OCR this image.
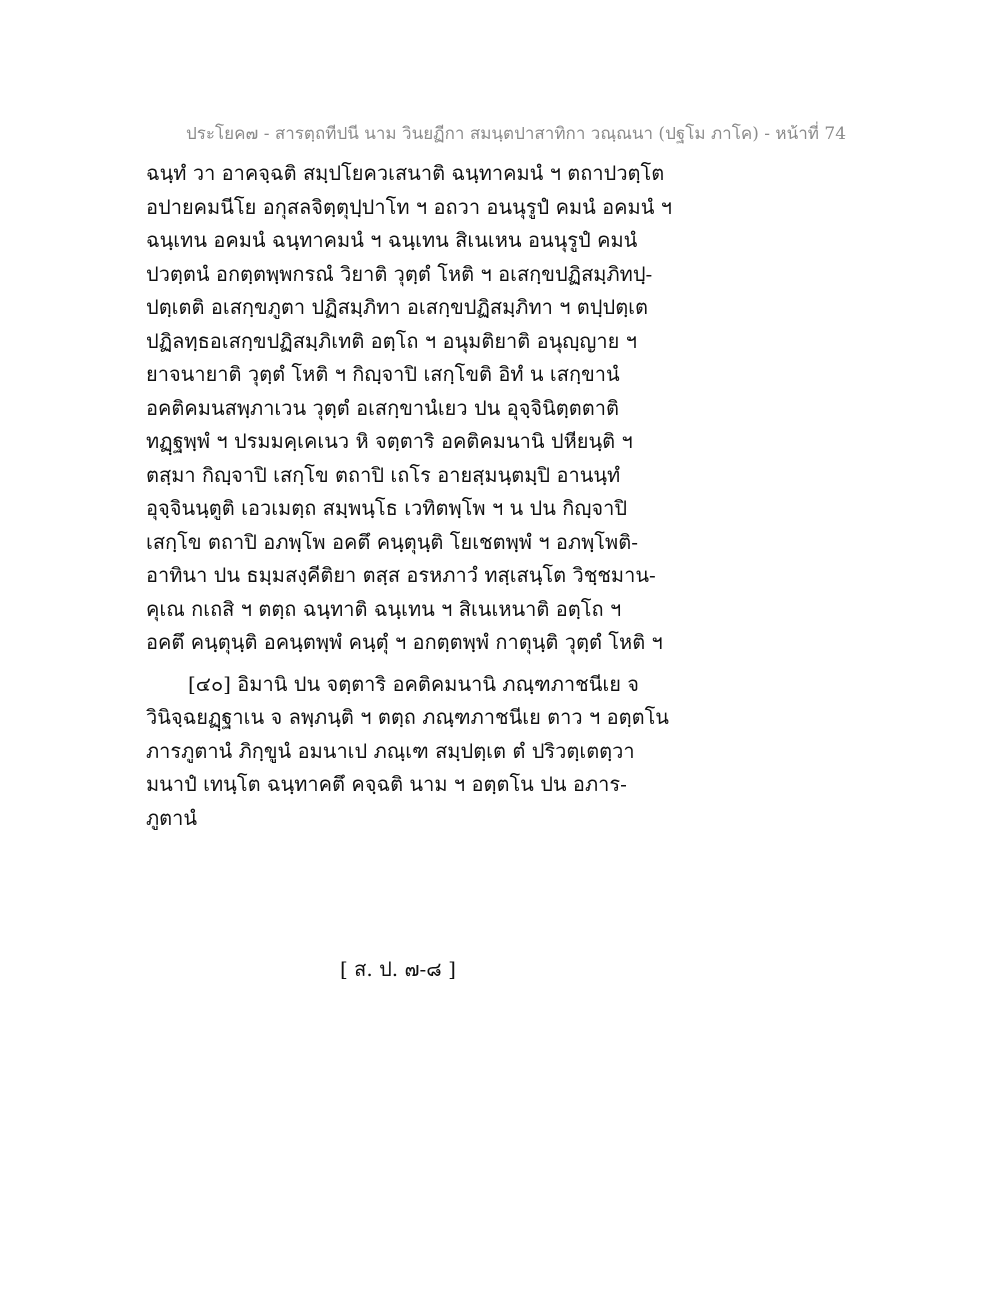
ประโยค๗ - สารตฺถทีปนี นาม วินยฏีกา สมนฺตปาสาทิกา วณฺณนา (ปฐโม ภาโค) - หน้าที่ 74
ฉนฺทํ วา อาคจฺฉติ สมฺปโยควเสนาติ ฉนฺทาคมนํ ฯ ตถาปวตฺโต
อปายคมนีโย อกุสลจิตฺตุปฺปาโท ฯ อถวา อนนุรูปํ คมนํ อคมนํ ฯ
ฉนฺเทน อคมนํ ฉนฺทาคมนํ ฯ ฉนฺเทน สิเนเหน อนนุรูปํ คมนํ
ปวตฺตนํ อกตฺตพฺพกรณํ วิยาติ วุตฺตํ โหติ ฯ อเสกฺขปฏิสมฺภิทปฺ-
ปตฺเตติ อเสกฺขภูตา ปฏิสมฺภิทา อเสกฺขปฏิสมฺภิทา ฯ ตปฺปตฺเต
ปฏิลทฺธอเสกฺขปฏิสมฺภิเทติ อตฺโถ ฯ อนุมติยาติ อนุญฺญาย ฯ
ยาจนายาติ วุตฺตํ โหติ ฯ กิญฺจาปิ เสกฺโขติ อิทํ น เสกฺขานํ
อคติคมนสพฺภาเวน วุตฺตํ อเสกฺขานํเยว ปน อุจฺจินิตฺตตาติ
ทฏฺฐพฺพํ ฯ ปรมมคฺเคเนว หิ จตฺตาริ อคติคมนานิ ปหียนฺติ ฯ
ตสฺมา กิญฺจาปิ เสกฺโข ตถาปิ เถโร อายสฺมนฺตมฺปิ อานนฺทํ
อุจฺจินนฺตูติ เอวเมตฺถ สมฺพนฺโธ เวทิตพฺโพ ฯ น ปน กิญฺจาปิ
เสกฺโข ตถาปิ อภพฺโพ อคตึ คนฺตุนฺติ โยเชตพฺพํ ฯ อภพฺโพติ-
อาทินา ปน ธมฺมสงฺคีติยา ตสฺส อรหภาวํ ทสฺเสนฺโต วิชฺชมาน-
คุเณ กเถสิ ฯ ตตฺถ ฉนฺทาติ ฉนฺเทน ฯ สิเนเหนาติ อตฺโถ ฯ
อคตึ คนฺตุนฺติ อคนฺตพฺพํ คนฺตุํ ฯ อกตฺตพฺพํ กาตุนฺติ วุตฺตํ โหติ ฯ
[๔๐] อิมานิ ปน จตฺตาริ อคติคมนานิ ภณฺฑภาชนีเย จ
วินิจฺฉยฏฺฐาเน จ ลพฺภนฺติ ฯ ตตฺถ ภณฺฑภาชนีเย ตาว ฯ อตฺตโน
ภารภูตานํ ภิกฺขูนํ อมนาเป ภณฺเฑ สมฺปตฺเต ตํ ปริวตฺเตตฺวา
มนาปํ เทนฺโต ฉนฺทาคตึ คจฺฉติ นาม ฯ อตฺตโน ปน อภาร-
ภูตานํ
[ ส. ป. ๗-๘ ]
